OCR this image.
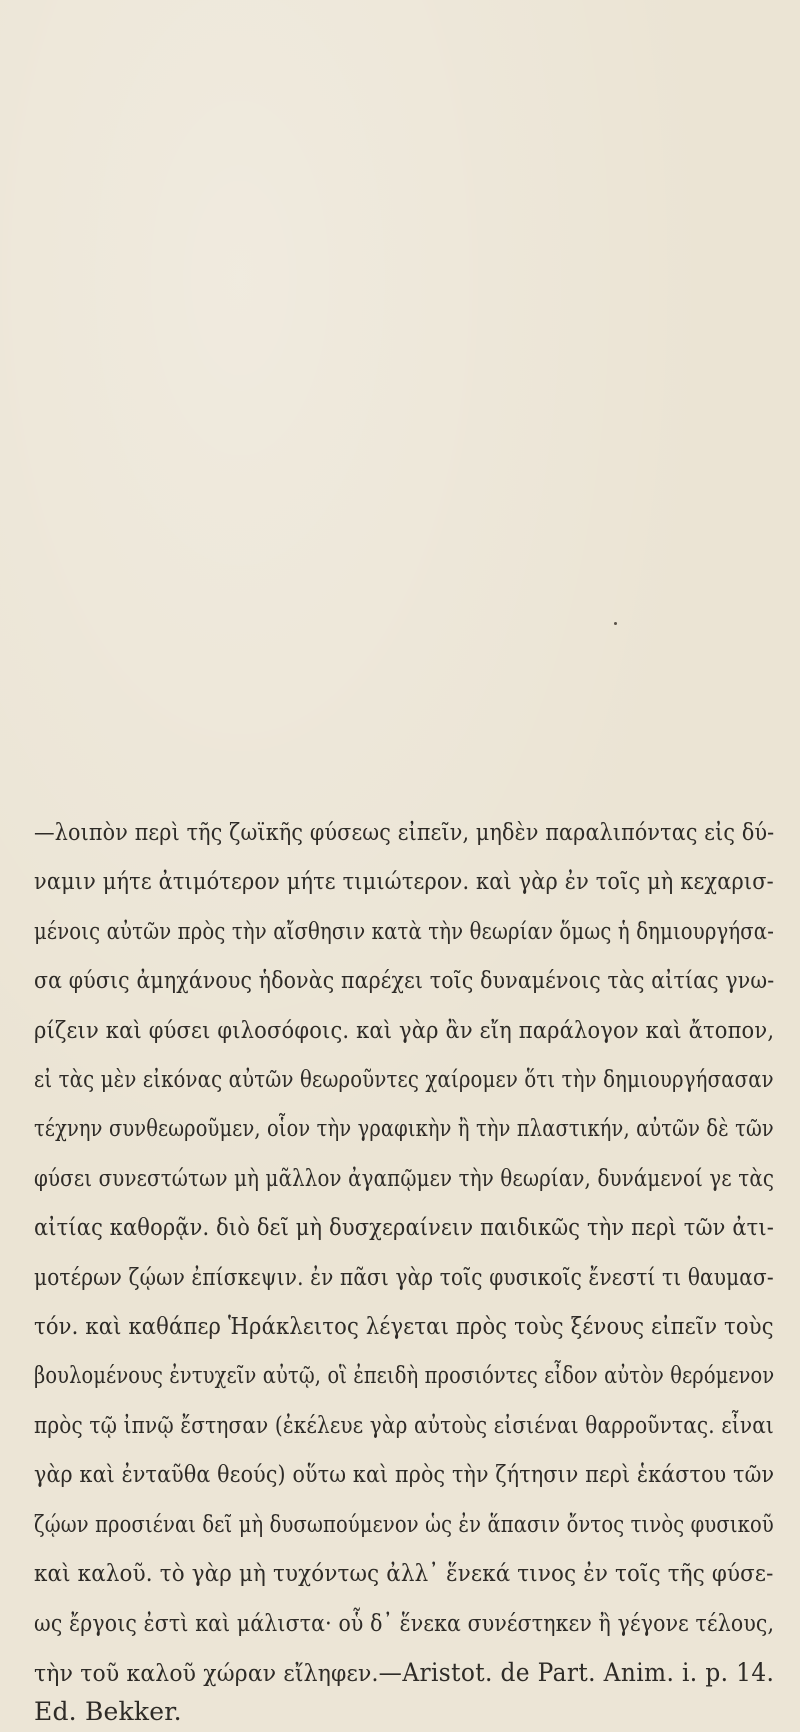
—λοιπὸν περὶ τῆς ζωϊκῆς φύσεως εἰπεῖν, μηδὲν παραλιπόντας εἰς δύ-
ναμιν μήτε ἀτιμότερον μήτε τιμιώτερον. καὶ γὰρ ἐν τοῖς μὴ κεχαρισ-
μένοις αὐτῶν πρὸς τὴν αἴσθησιν κατὰ τὴν θεωρίαν ὅμως ἡ δημιουργήσα-
σα φύσις ἀμηχάνους ἡδονὰς παρέχει τοῖς δυναμένοις τὰς αἰτίας γνω-
ρίζειν καὶ φύσει φιλοσόφοις. καὶ γὰρ ἂν εἴη παράλογον καὶ ἄτοπον,
εἰ τὰς μὲν εἰκόνας αὐτῶν θεωροῦντες χαίρομεν ὅτι τὴν δημιουργήσασαν
τέχνην συνθεωροῦμεν, οἷον τὴν γραφικὴν ἢ τὴν πλαστικήν, αὐτῶν δὲ τῶν
φύσει συνεστώτων μὴ μᾶλλον ἀγαπῷμεν τὴν θεωρίαν, δυνάμενοί γε τὰς
αἰτίας καθορᾷν. διὸ δεῖ μὴ δυσχεραίνειν παιδικῶς τὴν περὶ τῶν ἀτι-
μοτέρων ζῴων ἐπίσκεψιν. ἐν πᾶσι γὰρ τοῖς φυσικοῖς ἔνεστί τι θαυμασ-
τόν. καὶ καθάπερ Ἡράκλειτος λέγεται πρὸς τοὺς ξένους εἰπεῖν τοὺς
βουλομένους ἐντυχεῖν αὐτῷ, οἳ ἐπειδὴ προσιόντες εἶδον αὐτὸν θερόμενον
πρὸς τῷ ἰπνῷ ἔστησαν (ἐκέλευε γὰρ αὐτοὺς εἰσιέναι θαρροῦντας. εἶναι
γὰρ καὶ ἐνταῦθα θεούς) οὕτω καὶ πρὸς τὴν ζήτησιν περὶ ἑκάστου τῶν
ζῴων προσιέναι δεῖ μὴ δυσωπούμενον ὡς ἐν ἅπασιν ὄντος τινὸς φυσικοῦ
καὶ καλοῦ. τὸ γὰρ μὴ τυχόντως ἀλλ᾽ ἕνεκά τινος ἐν τοῖς τῆς φύσε-
ως ἔργοις ἐστὶ καὶ μάλιστα· οὗ δ᾽ ἕνεκα συνέστηκεν ἢ γέγονε τέλους,
τὴν τοῦ καλοῦ χώραν εἴληφεν.—Aristot. de Part. Anim. i. p. 14.
Ed. Bekker.
